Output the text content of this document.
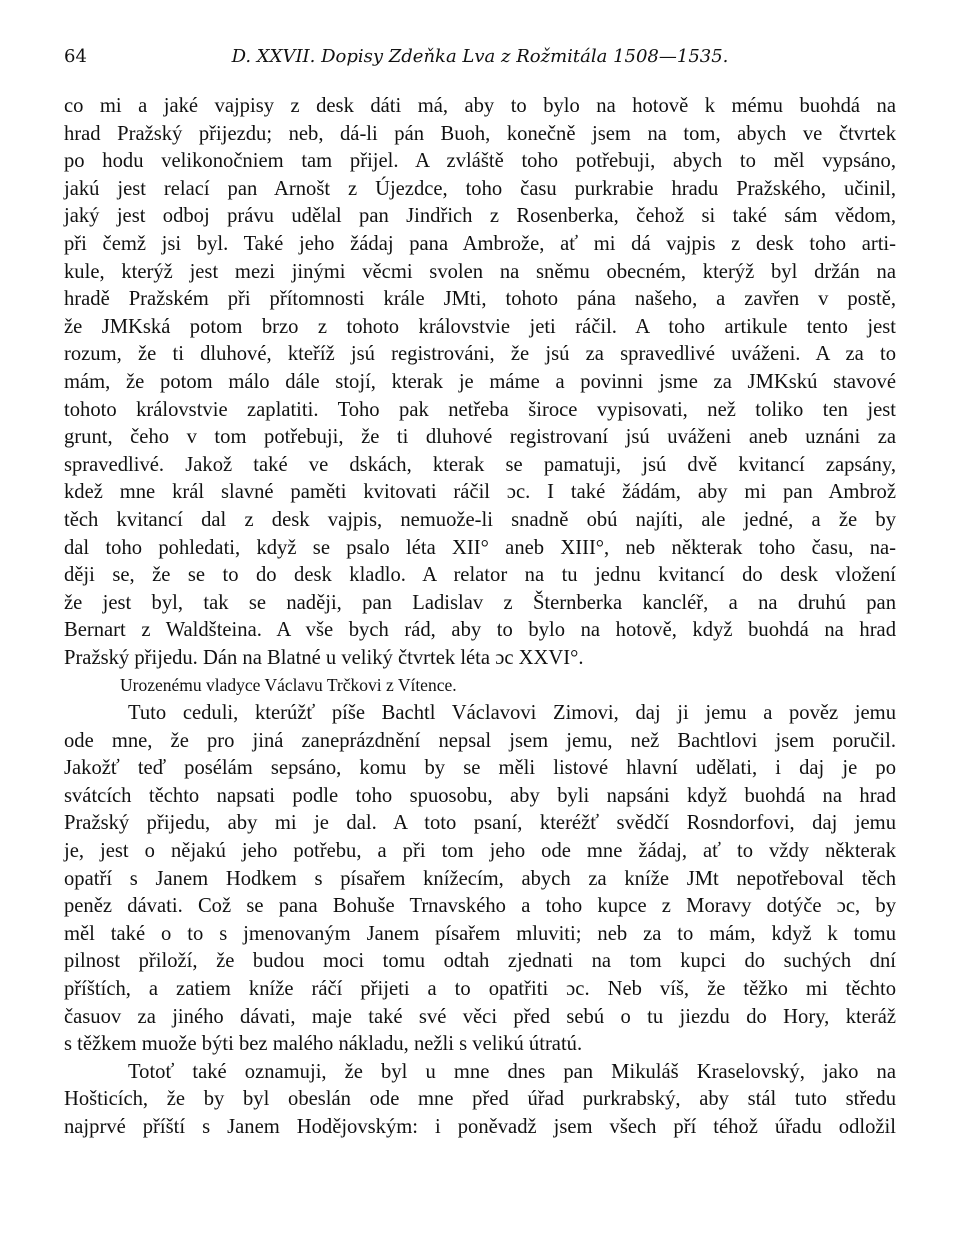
64	D. XXVII. Dopisy Zdeňka Lva z Rožmitála 1508—1535.
co mi a jaké vajpisy z desk dáti má, aby to bylo na hotově k mému buohdá na
hrad Pražský přijezdu; neb, dá-li pán Buoh, konečně jsem na tom, abych ve čtvrtek
po hodu velikonočniem tam přijel. A zvláště toho potřebuji, abych to měl vypsáno,
jakú jest relací pan Arnošt z Újezdce, toho času purkrabie hradu Pražského, učinil,
jaký jest odboj právu udělal pan Jindřich z Rosenberka, čehož si také sám vědom,
při čemž jsi byl. Také jeho žádaj pana Ambrože, ať mi dá vajpis z desk toho arti-
kule, kterýž jest mezi jinými věcmi svolen na sněmu obecném, kterýž byl držán na
hradě Pražském při přítomnosti krále JMti, tohoto pána našeho, a zavřen v postě,
že JMKská potom brzo z tohoto královstvie jeti ráčil. A toho artikule tento jest
rozum, že ti dluhové, kteříž jsú registrováni, že jsú za spravedlivé uváženi. A za to
mám, že potom málo dále stojí, kterak je máme a povinni jsme za JMKskú stavové
tohoto královstvie zaplatiti. Toho pak netřeba široce vypisovati, než toliko ten jest
grunt, čeho v tom potřebuji, že ti dluhové registrovaní jsú uváženi aneb uznáni za
spravedlivé. Jakož také ve dskách, kterak se pamatuji, jsú dvě kvitancí zapsány,
kdež mne král slavné paměti kvitovati ráčil ɔc. I také žádám, aby mi pan Ambrož
těch kvitancí dal z desk vajpis, nemuože-li snadně obú najíti, ale jedné, a že by
dal toho pohledati, když se psalo léta XII° aneb XIII°, neb některak toho času, na-
ději se, že se to do desk kladlo. A relator na tu jednu kvitancí do desk vložení
že jest byl, tak se naději, pan Ladislav z Šternberka kancléř, a na druhú pan
Bernart z Waldšteina. A vše bych rád, aby to bylo na hotově, když buohdá na hrad
Pražský přijedu. Dán na Blatné u veliký čtvrtek léta ɔc XXVI°.
Urozenému vladyce Václavu Trčkovi z Vítence.
Tuto ceduli, kterúžť píše Bachtl Václavovi Zimovi, daj ji jemu a pověz jemu
ode mne, že pro jiná zaneprázdnění nepsal jsem jemu, než Bachtlovi jsem poručil.
Jakožť teď posélám sepsáno, komu by se měli listové hlavní udělati, i daj je po
svátcích těchto napsati podle toho spuosobu, aby byli napsáni když buohdá na hrad
Pražský přijedu, aby mi je dal. A toto psaní, kteréžť svědčí Rosndorfovi, daj jemu
je, jest o nějakú jeho potřebu, a při tom jeho ode mne žádaj, ať to vždy některak
opatří s Janem Hodkem s písařem knížecím, abych za kníže JMt nepotřeboval těch
peněz dávati. Což se pana Bohuše Trnavského a toho kupce z Moravy dotýče ɔc, by
měl také o to s jmenovaným Janem písařem mluviti; neb za to mám, když k tomu
pilnost přiloží, že budou moci tomu odtah zjednati na tom kupci do suchých dní
příštích, a zatiem kníže ráčí přijeti a to opatřiti ɔc. Neb víš, že těžko mi těchto
časuov za jiného dávati, maje také své věci před sebú o tu jiezdu do Hory, kteráž
s těžkem muože býti bez malého nákladu, nežli s velikú útratú.
Totoť také oznamuji, že byl u mne dnes pan Mikuláš Kraselovský, jako na
Hošticích, že by byl obeslán ode mne před úřad purkrabský, aby stál tuto středu
najprvé příští s Janem Hodějovským: i poněvadž jsem všech pří téhož úřadu odložil
